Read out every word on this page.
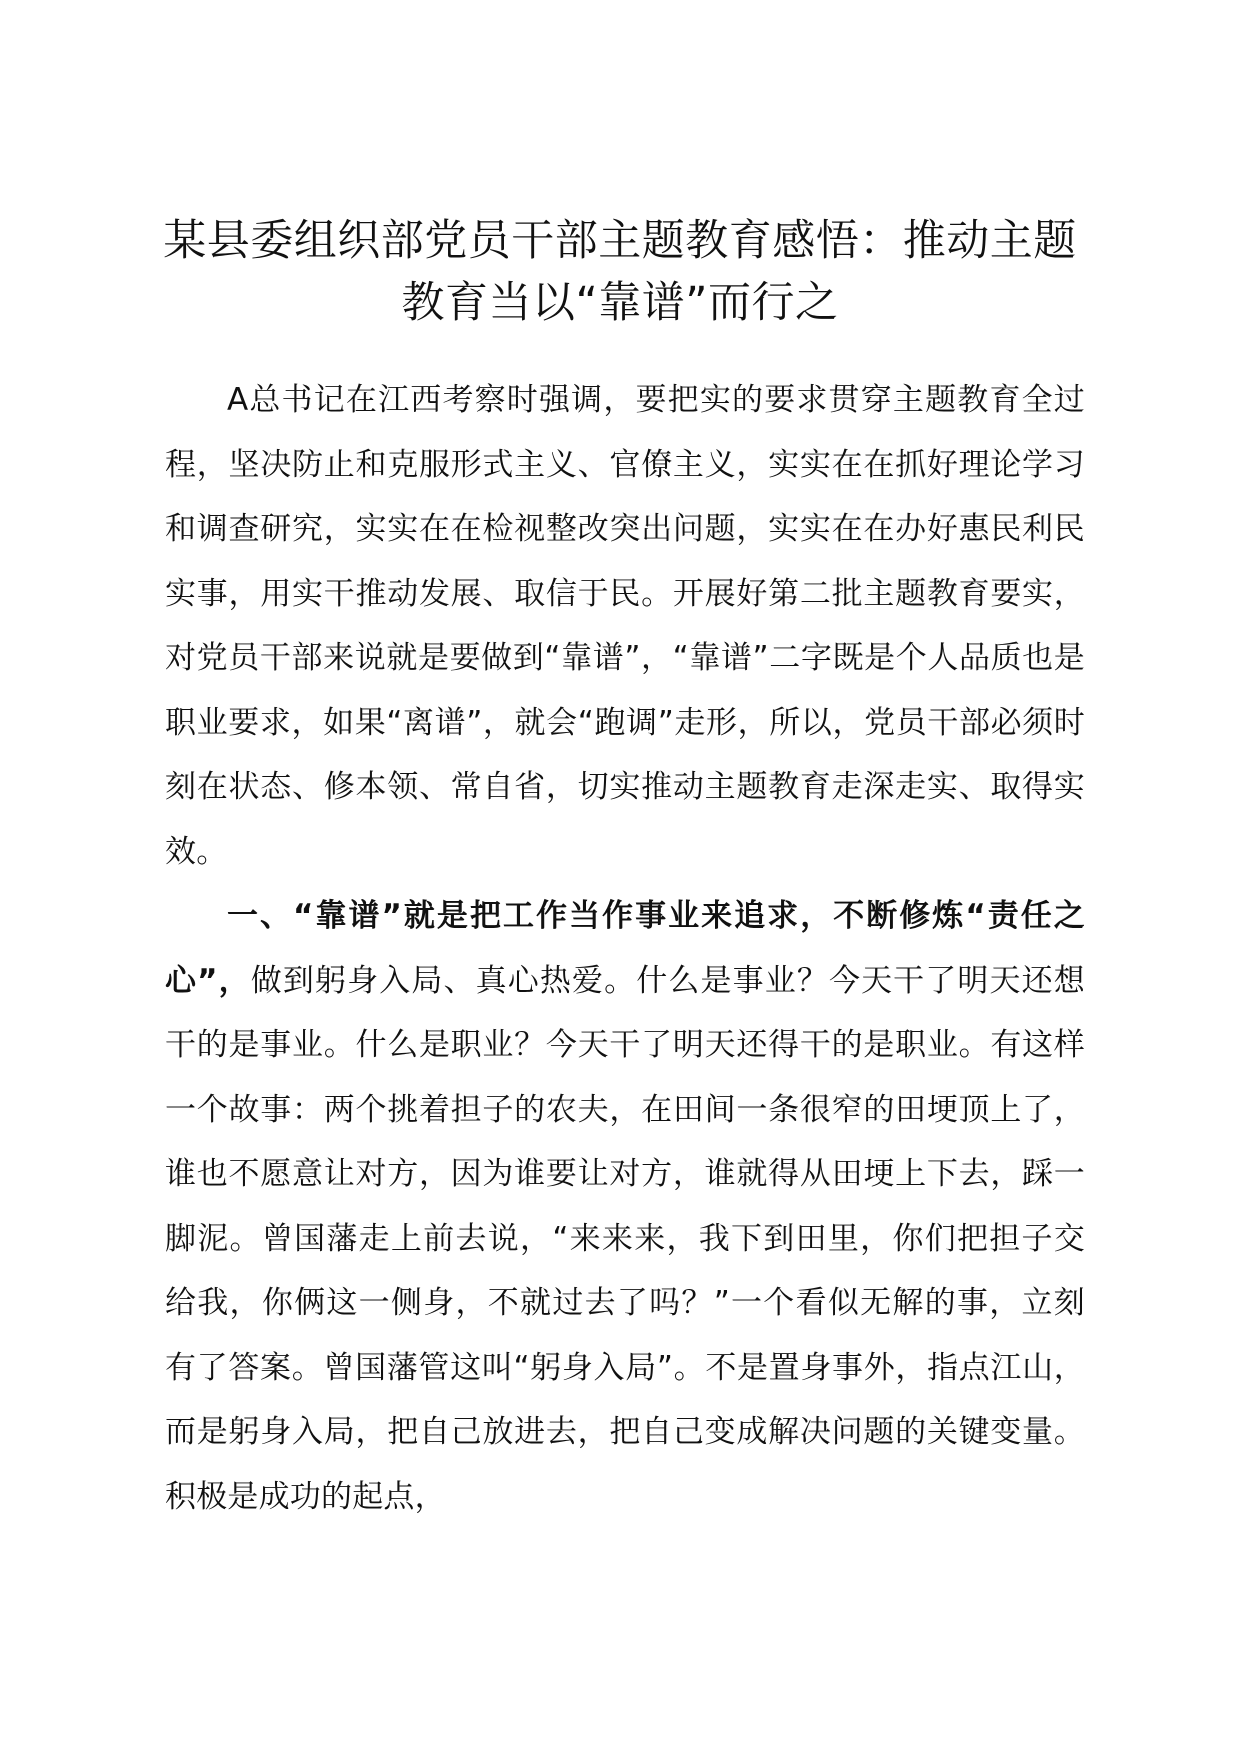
某县委组织部党员干部主题教育感悟：推动主题教育当以“靠谱”而行之

A总书记在江西考察时强调，要把实的要求贯穿主题教育全过程，坚决防止和克服形式主义、官僚主义，实实在在抓好理论学习和调查研究，实实在在检视整改突出问题，实实在在办好惠民利民实事，用实干推动发展、取信于民。开展好第二批主题教育要实，对党员干部来说就是要做到“靠谱”，“靠谱”二字既是个人品质也是职业要求，如果“离谱”，就会“跑调”走形，所以，党员干部必须时刻在状态、修本领、常自省，切实推动主题教育走深走实、取得实效。

一、“靠谱”就是把工作当作事业来追求，不断修炼“责任之心”，做到躬身入局、真心热爱。什么是事业？今天干了明天还想干的是事业。什么是职业？今天干了明天还得干的是职业。有这样一个故事：两个挑着担子的农夫，在田间一条很窄的田埂顶上了，谁也不愿意让对方，因为谁要让对方，谁就得从田埂上下去，踩一脚泥。曾国藩走上前去说，“来来来，我下到田里，你们把担子交给我，你俩这一侧身，不就过去了吗？”一个看似无解的事，立刻有了答案。曾国藩管这叫“躬身入局”。不是置身事外，指点江山，而是躬身入局，把自己放进去，把自己变成解决问题的关键变量。积极是成功的起点，
